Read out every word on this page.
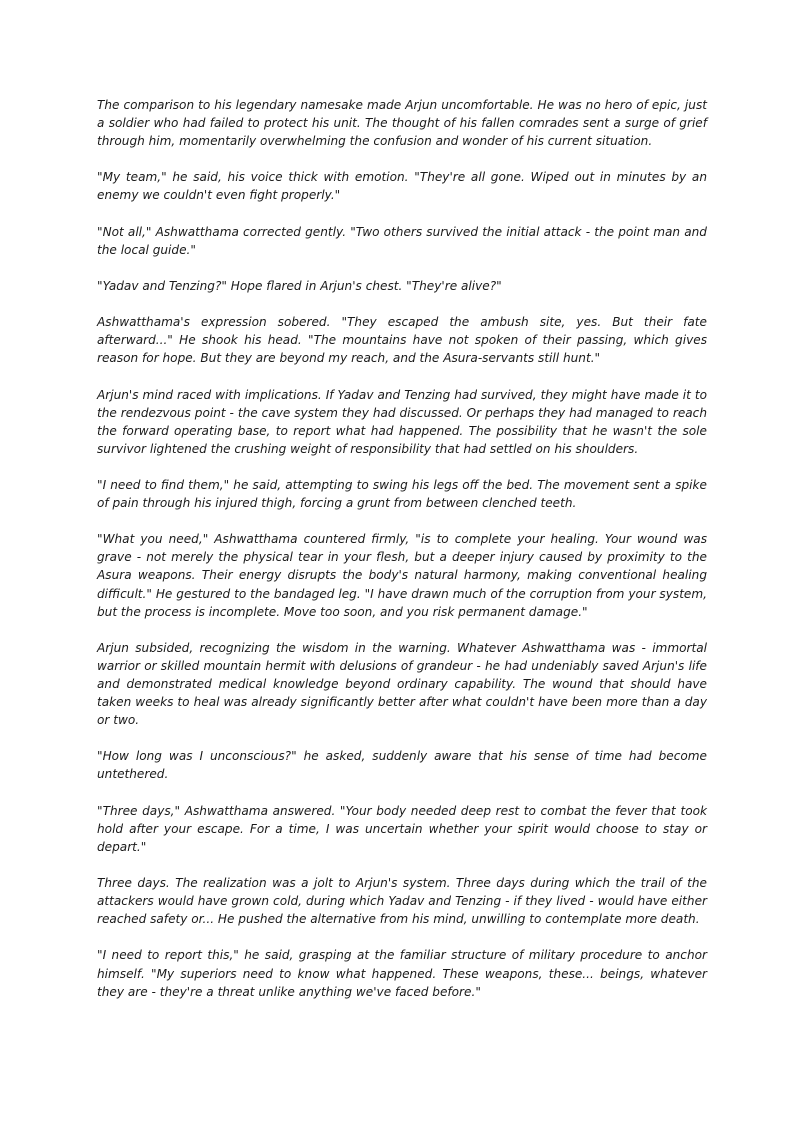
The comparison to his legendary namesake made Arjun uncomfortable. He was no hero of epic, just a soldier who had failed to protect his unit. The thought of his fallen comrades sent a surge of grief through him, momentarily overwhelming the confusion and wonder of his current situation.

"My team," he said, his voice thick with emotion. "They're all gone. Wiped out in minutes by an enemy we couldn't even fight properly."

"Not all," Ashwatthama corrected gently. "Two others survived the initial attack - the point man and the local guide."

"Yadav and Tenzing?" Hope flared in Arjun's chest. "They're alive?"

Ashwatthama's expression sobered. "They escaped the ambush site, yes. But their fate afterward..." He shook his head. "The mountains have not spoken of their passing, which gives reason for hope. But they are beyond my reach, and the Asura-servants still hunt."

Arjun's mind raced with implications. If Yadav and Tenzing had survived, they might have made it to the rendezvous point - the cave system they had discussed. Or perhaps they had managed to reach the forward operating base, to report what had happened. The possibility that he wasn't the sole survivor lightened the crushing weight of responsibility that had settled on his shoulders.

"I need to find them," he said, attempting to swing his legs off the bed. The movement sent a spike of pain through his injured thigh, forcing a grunt from between clenched teeth.

"What you need," Ashwatthama countered firmly, "is to complete your healing. Your wound was grave - not merely the physical tear in your flesh, but a deeper injury caused by proximity to the Asura weapons. Their energy disrupts the body's natural harmony, making conventional healing difficult." He gestured to the bandaged leg. "I have drawn much of the corruption from your system, but the process is incomplete. Move too soon, and you risk permanent damage."

Arjun subsided, recognizing the wisdom in the warning. Whatever Ashwatthama was - immortal warrior or skilled mountain hermit with delusions of grandeur - he had undeniably saved Arjun's life and demonstrated medical knowledge beyond ordinary capability. The wound that should have taken weeks to heal was already significantly better after what couldn't have been more than a day or two.

"How long was I unconscious?" he asked, suddenly aware that his sense of time had become untethered.

"Three days," Ashwatthama answered. "Your body needed deep rest to combat the fever that took hold after your escape. For a time, I was uncertain whether your spirit would choose to stay or depart."

Three days. The realization was a jolt to Arjun's system. Three days during which the trail of the attackers would have grown cold, during which Yadav and Tenzing - if they lived - would have either reached safety or... He pushed the alternative from his mind, unwilling to contemplate more death.

"I need to report this," he said, grasping at the familiar structure of military procedure to anchor himself. "My superiors need to know what happened. These weapons, these... beings, whatever they are - they're a threat unlike anything we've faced before."
